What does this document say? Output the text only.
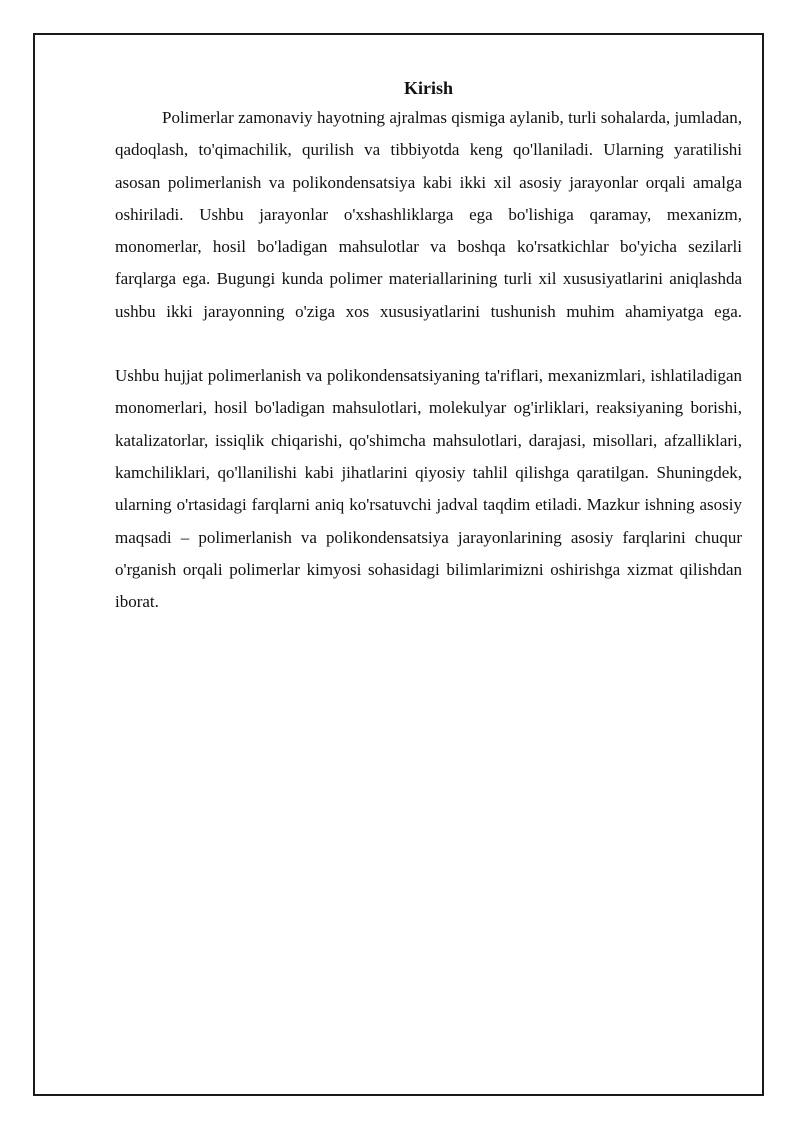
Kirish

Polimerlar zamonaviy hayotning ajralmas qismiga aylanib, turli sohalarda, jumladan, qadoqlash, to'qimachilik, qurilish va tibbiyotda keng qo'llaniladi. Ularning yaratilishi asosan polimerlanish va polikondensatsiya kabi ikki xil asosiy jarayonlar orqali amalga oshiriladi. Ushbu jarayonlar o'xshashliklarga ega bo'lishiga qaramay, mexanizm, monomerlar, hosil bo'ladigan mahsulotlar va boshqa ko'rsatkichlar bo'yicha sezilarli farqlarga ega. Bugungi kunda polimer materiallarining turli xil xususiyatlarini aniqlashda ushbu ikki jarayonning o'ziga xos xususiyatlarini tushunish muhim ahamiyatga ega.

Ushbu hujjat polimerlanish va polikondensatsiyaning ta'riflari, mexanizmlari, ishlatiladigan monomerlari, hosil bo'ladigan mahsulotlari, molekulyar og'irliklari, reaksiyaning borishi, katalizatorlar, issiqlik chiqarishi, qo'shimcha mahsulotlari, darajasi, misollari, afzalliklari, kamchiliklari, qo'llanilishi kabi jihatlarini qiyosiy tahlil qilishga qaratilgan. Shuningdek, ularning o'rtasidagi farqlarni aniq ko'rsatuvchi jadval taqdim etiladi. Mazkur ishning asosiy maqsadi – polimerlanish va polikondensatsiya jarayonlarining asosiy farqlarini chuqur o'rganish orqali polimerlar kimyosi sohasidagi bilimlarimizni oshirishga xizmat qilishdan iborat.
